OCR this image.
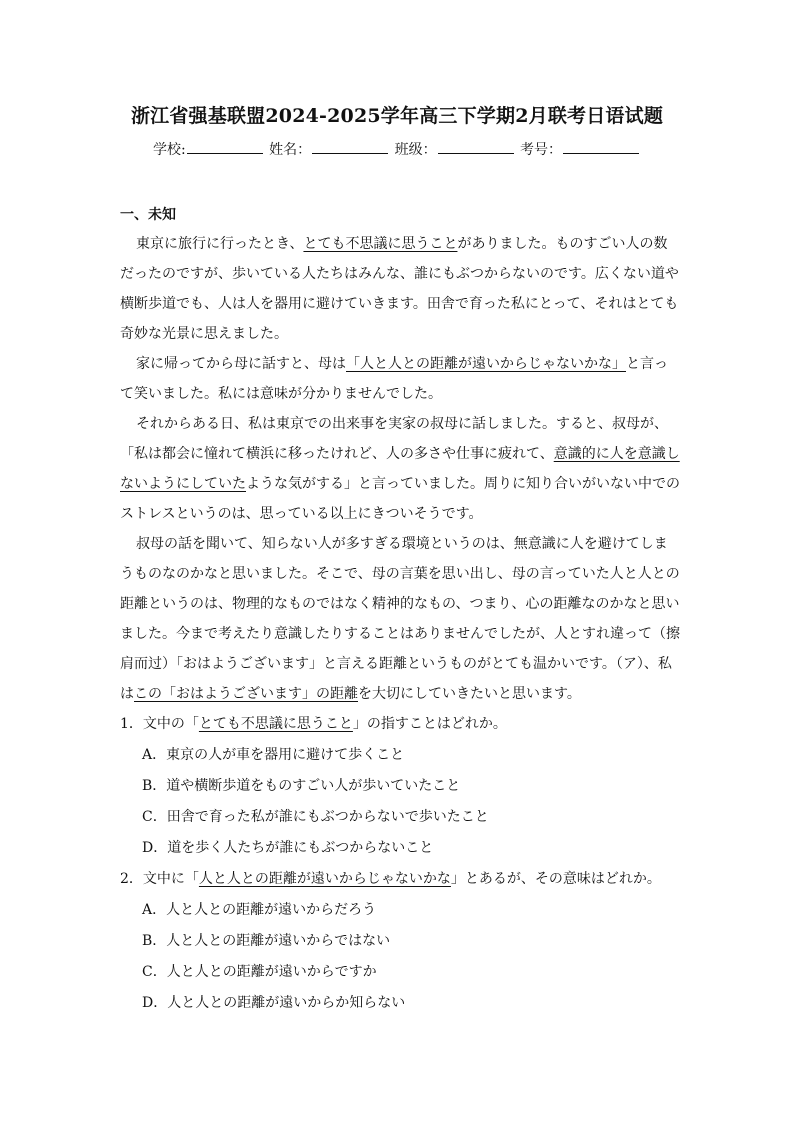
浙江省强基联盟2024-2025学年高三下学期2月联考日语试题
学校:	姓名：	班级：	考号：
一、未知
東京に旅行に行ったとき、とても不思議に思うことがありました。ものすごい人の数
だったのですが、歩いている人たちはみんな、誰にもぶつからないのです。広くない道や
横断歩道でも、人は人を器用に避けていきます。田舎で育った私にとって、それはとても
奇妙な光景に思えました。
家に帰ってから母に話すと、母は「人と人との距離が遠いからじゃないかな」と言っ
て笑いました。私には意味が分かりませんでした。
それからある日、私は東京での出来事を実家の叔母に話しました。すると、叔母が、
「私は都会に憧れて横浜に移ったけれど、人の多さや仕事に疲れて、意識的に人を意識し
ないようにしていたような気がする」と言っていました。周りに知り合いがいない中での
ストレスというのは、思っている以上にきついそうです。
叔母の話を聞いて、知らない人が多すぎる環境というのは、無意識に人を避けてしま
うものなのかなと思いました。そこで、母の言葉を思い出し、母の言っていた人と人との
距離というのは、物理的なものではなく精神的なもの、つまり、心の距離なのかなと思い
ました。今まで考えたり意識したりすることはありませんでしたが、人とすれ違って（擦
肩而过）「おはようございます」と言える距離というものがとても温かいです。（ア）、私
はこの「おはようございます」の距離を大切にしていきたいと思います。
1．文中の「とても不思議に思うこと」の指すことはどれか。
A．東京の人が車を器用に避けて歩くこと
B．道や横断歩道をものすごい人が歩いていたこと
C．田舎で育った私が誰にもぶつからないで歩いたこと
D．道を歩く人たちが誰にもぶつからないこと
2．文中に「人と人との距離が遠いからじゃないかな」とあるが、その意味はどれか。
A．人と人との距離が遠いからだろう
B．人と人との距離が遠いからではない
C．人と人との距離が遠いからですか
D．人と人との距離が遠いからか知らない
